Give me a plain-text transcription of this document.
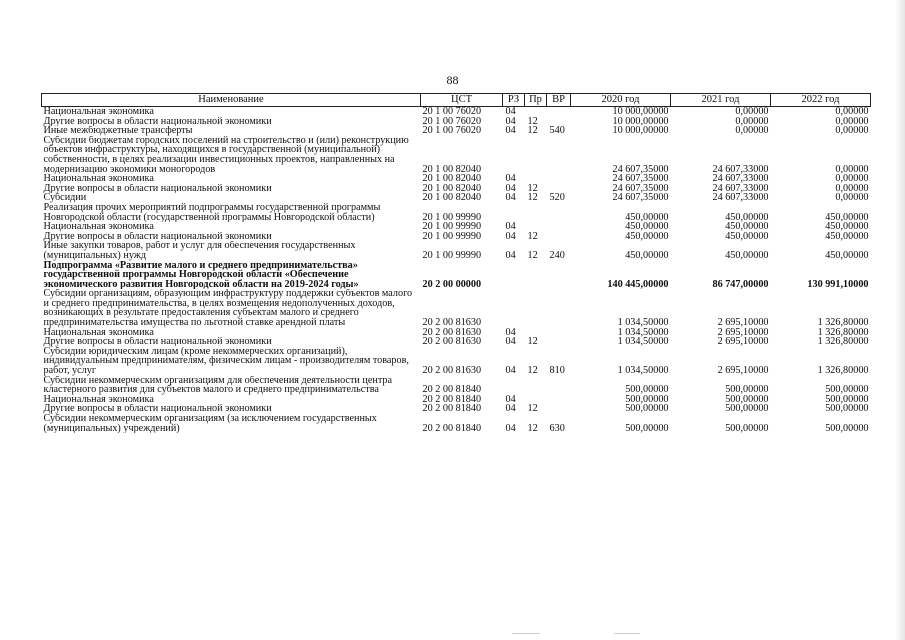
88
Наименование	ЦСТ	РЗ	Пр	ВР	2020 год	2021 год	2022 год
Национальная экономика	20 1 00 76020	04			10 000,00000	0,00000	0,00000
Другие вопросы в области национальной экономики	20 1 00 76020	04	12		10 000,00000	0,00000	0,00000
Иные межбюджетные трансферты	20 1 00 76020	04	12	540	10 000,00000	0,00000	0,00000
Субсидии бюджетам городских поселений на строительство и (или) реконструкцию объектов инфраструктуры, находящихся в государственной (муниципальной) собственности, в целях реализации инвестиционных проектов, направленных на модернизацию экономики моногородов	20 1 00 82040				24 607,35000	24 607,33000	0,00000
Национальная экономика	20 1 00 82040	04			24 607,35000	24 607,33000	0,00000
Другие вопросы в области национальной экономики	20 1 00 82040	04	12		24 607,35000	24 607,33000	0,00000
Субсидии	20 1 00 82040	04	12	520	24 607,35000	24 607,33000	0,00000
Реализация прочих мероприятий подпрограммы государственной программы Новгородской области (государственной программы Новгородской области)	20 1 00 99990				450,00000	450,00000	450,00000
Национальная экономика	20 1 00 99990	04			450,00000	450,00000	450,00000
Другие вопросы в области национальной экономики	20 1 00 99990	04	12		450,00000	450,00000	450,00000
Иные закупки товаров, работ и услуг для обеспечения государственных (муниципальных) нужд	20 1 00 99990	04	12	240	450,00000	450,00000	450,00000
Подпрограмма «Развитие малого и среднего предпринимательства» государственной программы Новгородской области «Обеспечение экономического развития Новгородской области на 2019-2024 годы»	20 2 00 00000				140 445,00000	86 747,00000	130 991,10000
Субсидии организациям, образующим инфраструктуру поддержки субъектов малого и среднего предпринимательства, в целях возмещения недополученных доходов, возникающих в результате предоставления субъектам малого и среднего предпринимательства имущества по льготной ставке арендной платы	20 2 00 81630				1 034,50000	2 695,10000	1 326,80000
Национальная экономика	20 2 00 81630	04			1 034,50000	2 695,10000	1 326,80000
Другие вопросы в области национальной экономики	20 2 00 81630	04	12		1 034,50000	2 695,10000	1 326,80000
Субсидии юридическим лицам (кроме некоммерческих организаций), индивидуальным предпринимателям, физическим лицам - производителям товаров, работ, услуг	20 2 00 81630	04	12	810	1 034,50000	2 695,10000	1 326,80000
Субсидии некоммерческим организациям для обеспечения деятельности центра кластерного развития для субъектов малого и среднего предпринимательства	20 2 00 81840				500,00000	500,00000	500,00000
Национальная экономика	20 2 00 81840	04			500,00000	500,00000	500,00000
Другие вопросы в области национальной экономики	20 2 00 81840	04	12		500,00000	500,00000	500,00000
Субсидии некоммерческим организациям (за исключением государственных (муниципальных) учреждений)	20 2 00 81840	04	12	630	500,00000	500,00000	500,00000
